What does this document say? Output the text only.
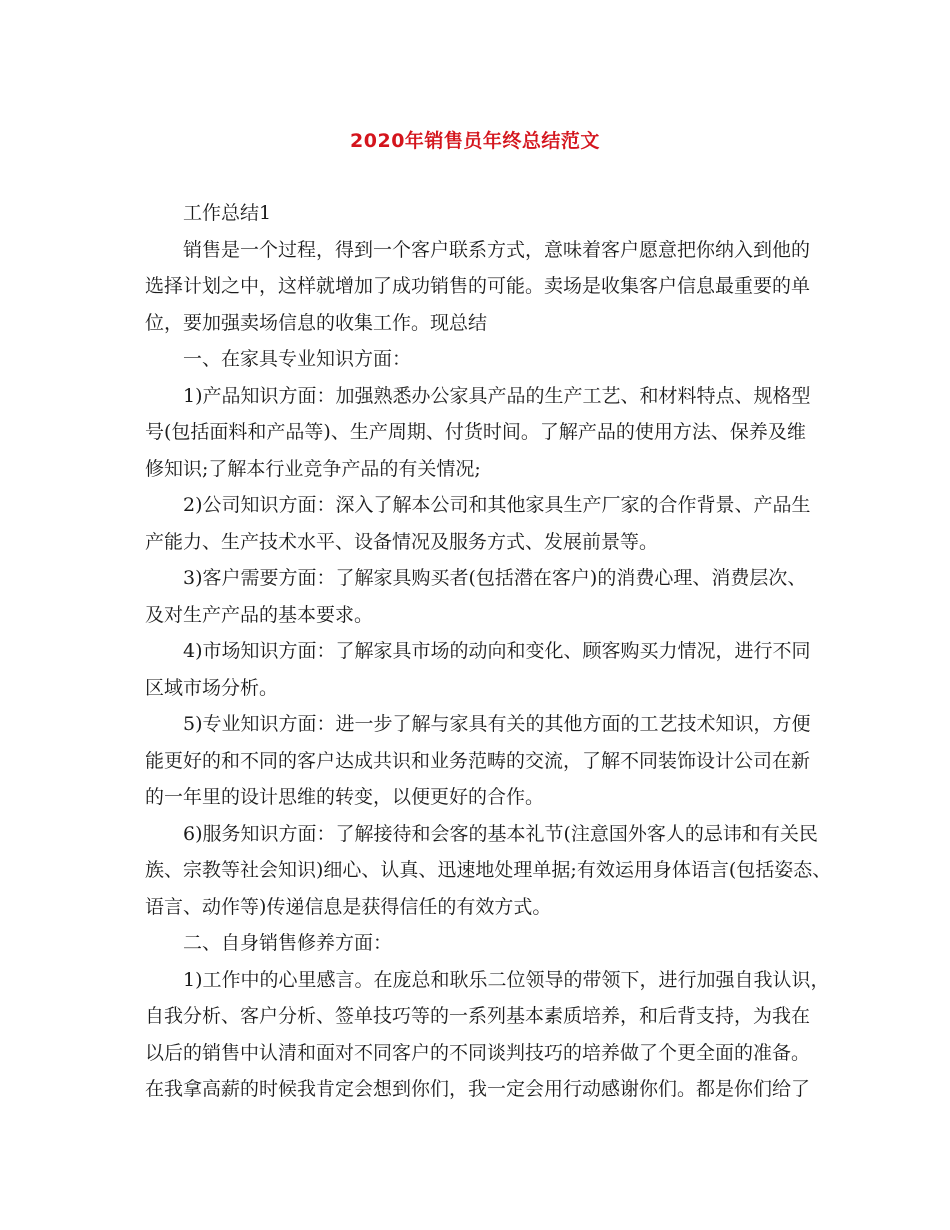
2020年销售员年终总结范文
工作总结1
销售是一个过程，得到一个客户联系方式，意味着客户愿意把你纳入到他的
选择计划之中，这样就增加了成功销售的可能。卖场是收集客户信息最重要的单
位，要加强卖场信息的收集工作。现总结
一、在家具专业知识方面：
1)产品知识方面：加强熟悉办公家具产品的生产工艺、和材料特点、规格型
号(包括面料和产品等)、生产周期、付货时间。了解产品的使用方法、保养及维
修知识;了解本行业竞争产品的有关情况;
2)公司知识方面：深入了解本公司和其他家具生产厂家的合作背景、产品生
产能力、生产技术水平、设备情况及服务方式、发展前景等。
3)客户需要方面：了解家具购买者(包括潜在客户)的消费心理、消费层次、
及对生产产品的基本要求。
4)市场知识方面：了解家具市场的动向和变化、顾客购买力情况，进行不同
区域市场分析。
5)专业知识方面：进一步了解与家具有关的其他方面的工艺技术知识，方便
能更好的和不同的客户达成共识和业务范畴的交流，了解不同装饰设计公司在新
的一年里的设计思维的转变，以便更好的合作。
6)服务知识方面：了解接待和会客的基本礼节(注意国外客人的忌讳和有关民
族、宗教等社会知识)细心、认真、迅速地处理单据;有效运用身体语言(包括姿态、
语言、动作等)传递信息是获得信任的有效方式。
二、自身销售修养方面：
1)工作中的心里感言。在庞总和耿乐二位领导的带领下，进行加强自我认识，
自我分析、客户分析、签单技巧等的一系列基本素质培养，和后背支持，为我在
以后的销售中认清和面对不同客户的不同谈判技巧的培养做了个更全面的准备。
在我拿高薪的时候我肯定会想到你们，我一定会用行动感谢你们。都是你们给了
